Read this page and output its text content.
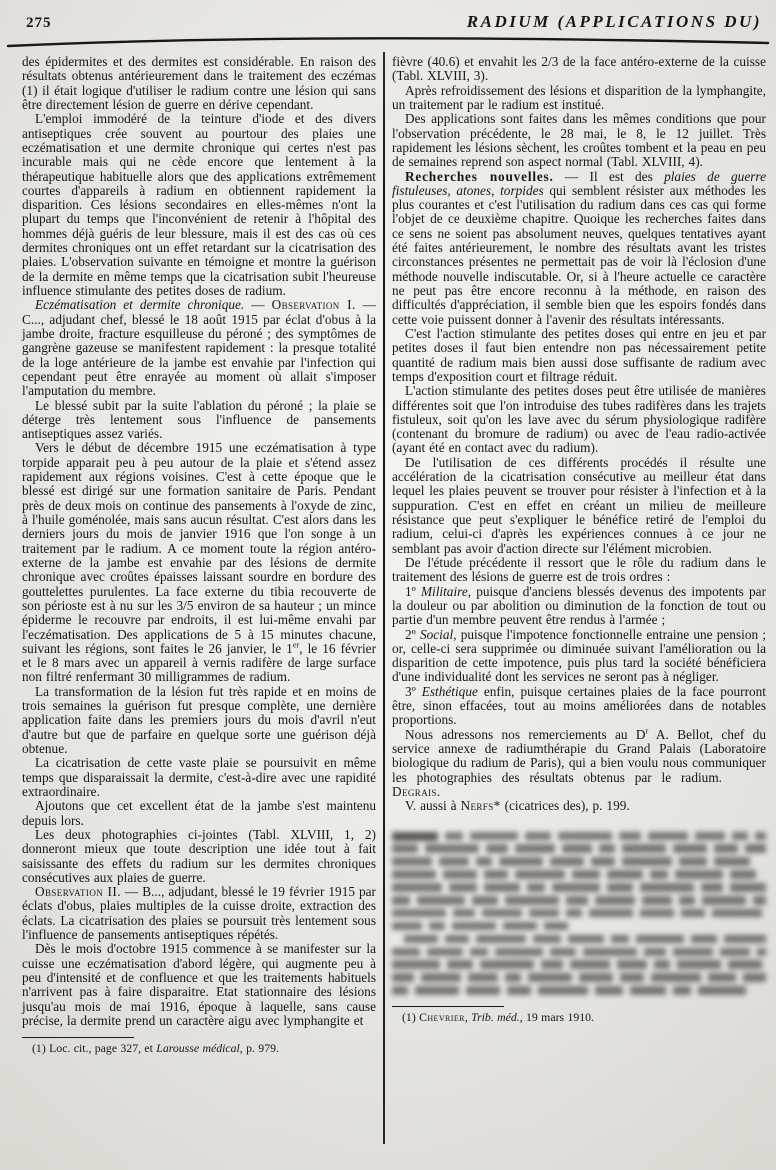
275	RADIUM (APPLICATIONS DU)

des épidermites et des dermites est considérable. En raison des résultats obtenus antérieurement dans le traitement des eczémas (1) il était logique d'utiliser le radium contre une lésion qui sans être directement lésion de guerre en dérive cependant.

L'emploi immodéré de la teinture d'iode et des divers antiseptiques crée souvent au pourtour des plaies une eczématisation et une dermite chronique qui certes n'est pas incurable mais qui ne cède encore que lentement à la thérapeutique habituelle alors que des applications extrêmement courtes d'appareils à radium en obtiennent rapidement la disparition. Ces lésions secondaires en elles-mêmes n'ont la plupart du temps que l'inconvénient de retenir à l'hôpital des hommes déjà guéris de leur blessure, mais il est des cas où ces dermites chroniques ont un effet retardant sur la cicatrisation des plaies. L'observation suivante en témoigne et montre la guérison de la dermite en même temps que la cicatrisation subit l'heureuse influence stimulante des petites doses de radium.

Eczématisation et dermite chronique. — Observation I. — C..., adjudant chef, blessé le 18 août 1915 par éclat d'obus à la jambe droite, fracture esquilleuse du péroné ; des symptômes de gangrène gazeuse se manifestent rapidement : la presque totalité de la loge antérieure de la jambe est envahie par l'infection qui cependant peut être enrayée au moment où allait s'imposer l'amputation du membre.

Le blessé subit par la suite l'ablation du péroné ; la plaie se déterge très lentement sous l'influence de pansements antiseptiques assez variés.

Vers le début de décembre 1915 une eczématisation à type torpide apparait peu à peu autour de la plaie et s'étend assez rapidement aux régions voisines. C'est à cette époque que le blessé est dirigé sur une formation sanitaire de Paris. Pendant près de deux mois on continue des pansements à l'oxyde de zinc, à l'huile goménolée, mais sans aucun résultat. C'est alors dans les derniers jours du mois de janvier 1916 que l'on songe à un traitement par le radium. A ce moment toute la région antéro-externe de la jambe est envahie par des lésions de dermite chronique avec croûtes épaisses laissant sourdre en bordure des gouttelettes purulentes. La face externe du tibia recouverte de son périoste est à nu sur les 3/5 environ de sa hauteur ; un mince épiderme le recouvre par endroits, il est lui-même envahi par l'eczématisation. Des applications de 5 à 15 minutes chacune, suivant les régions, sont faites le 26 janvier, le 1er, le 16 février et le 8 mars avec un appareil à vernis radifère de large surface non filtré renfermant 30 milligrammes de radium.

La transformation de la lésion fut très rapide et en moins de trois semaines la guérison fut presque complète, une dernière application faite dans les premiers jours du mois d'avril n'eut d'autre but que de parfaire en quelque sorte une guérison déjà obtenue.

La cicatrisation de cette vaste plaie se poursuivit en même temps que disparaissait la dermite, c'est-à-dire avec une rapidité extraordinaire.

Ajoutons que cet excellent état de la jambe s'est maintenu depuis lors.

Les deux photographies ci-jointes (Tabl. XLVIII, 1, 2) donneront mieux que toute description une idée tout à fait saisissante des effets du radium sur les dermites chroniques consécutives aux plaies de guerre.

Observation II. — B..., adjudant, blessé le 19 février 1915 par éclats d'obus, plaies multiples de la cuisse droite, extraction des éclats. La cicatrisation des plaies se poursuit très lentement sous l'influence de pansements antiseptiques répétés.

Dès le mois d'octobre 1915 commence à se manifester sur la cuisse une eczématisation d'abord légère, qui augmente peu à peu d'intensité et de confluence et que les traitements habituels n'arrivent pas à faire disparaitre. Etat stationnaire des lésions jusqu'au mois de mai 1916, époque à laquelle, sans cause précise, la dermite prend un caractère aigu avec lymphangite et

(1) Loc. cit., page 327, et Larousse médical, p. 979.

fièvre (40.6) et envahit les 2/3 de la face antéro-externe de la cuisse (Tabl. XLVIII, 3).

Après refroidissement des lésions et disparition de la lymphangite, un traitement par le radium est institué.

Des applications sont faites dans les mêmes conditions que pour l'observation précédente, le 28 mai, le 8, le 12 juillet. Très rapidement les lésions sèchent, les croûtes tombent et la peau en peu de semaines reprend son aspect normal (Tabl. XLVIII, 4).

Recherches nouvelles. — Il est des plaies de guerre fistuleuses, atones, torpides qui semblent résister aux méthodes les plus courantes et c'est l'utilisation du radium dans ces cas qui forme l'objet de ce deuxième chapitre. Quoique les recherches faites dans ce sens ne soient pas absolument neuves, quelques tentatives ayant été faites antérieurement, le nombre des résultats avant les tristes circonstances présentes ne permettait pas de voir là l'éclosion d'une méthode nouvelle indiscutable. Or, si à l'heure actuelle ce caractère ne peut pas être encore reconnu à la méthode, en raison des difficultés d'appréciation, il semble bien que les espoirs fondés dans cette voie puissent donner à l'avenir des résultats intéressants.

C'est l'action stimulante des petites doses qui entre en jeu et par petites doses il faut bien entendre non pas nécessairement petite quantité de radium mais bien aussi dose suffisante de radium avec temps d'exposition court et filtrage réduit.

L'action stimulante des petites doses peut être utilisée de manières différentes soit que l'on introduise des tubes radifères dans les trajets fistuleux, soit qu'on les lave avec du sérum physiologique radifère (contenant du bromure de radium) ou avec de l'eau radio-activée (ayant été en contact avec du radium).

De l'utilisation de ces différents procédés il résulte une accélération de la cicatrisation consécutive au meilleur état dans lequel les plaies peuvent se trouver pour résister à l'infection et à la suppuration. C'est en effet en créant un milieu de meilleure résistance que peut s'expliquer le bénéfice retiré de l'emploi du radium, celui-ci d'après les expériences connues à ce jour ne semblant pas avoir d'action directe sur l'élément microbien.

De l'étude précédente il ressort que le rôle du radium dans le traitement des lésions de guerre est de trois ordres :

1º Militaire, puisque d'anciens blessés devenus des impotents par la douleur ou par abolition ou diminution de la fonction de tout ou partie d'un membre peuvent être rendus à l'armée ;

2º Social, puisque l'impotence fonctionnelle entraine une pension ; or, celle-ci sera supprimée ou diminuée suivant l'amélioration ou la disparition de cette impotence, puis plus tard la société bénéficiera d'une individualité dont les services ne seront pas à négliger.

3º Esthétique enfin, puisque certaines plaies de la face pourront être, sinon effacées, tout au moins améliorées dans de notables proportions.

Nous adressons nos remerciements au $D^r$ A. Bellot, chef du service annexe de radiumthérapie du Grand Palais (Laboratoire biologique du radium de Paris), qui a bien voulu nous communiquer les photographies des résultats obtenus par le radium.Degrais.

V. aussi à Nerfs* (cicatrices des), p. 199.

(1) Chevrier, Trib. méd., 19 mars 1910.
